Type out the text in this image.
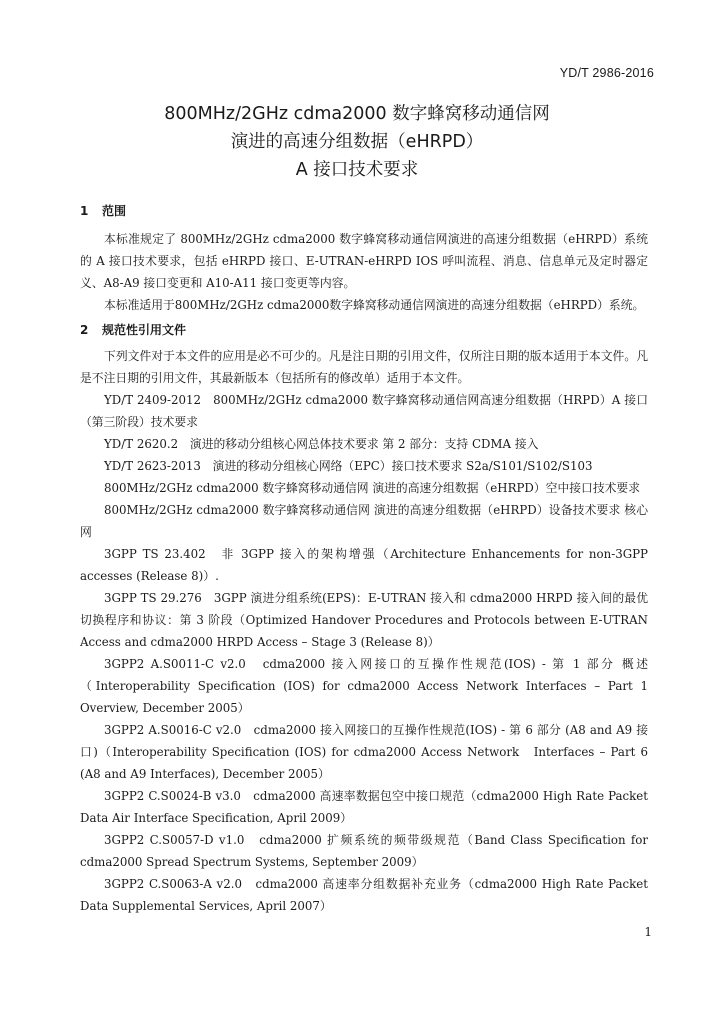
YD/T 2986-2016
800MHz/2GHz cdma2000 数字蜂窝移动通信网
演进的高速分组数据（eHRPD）
A 接口技术要求
1 范围

本标准规定了 800MHz/2GHz cdma2000 数字蜂窝移动通信网演进的高速分组数据（eHRPD）系统的 A 接口技术要求，包括 eHRPD 接口、E-UTRAN-eHRPD IOS 呼叫流程、消息、信息单元及定时器定义、A8-A9 接口变更和 A10-A11 接口变更等内容。

本标准适用于800MHz/2GHz cdma2000数字蜂窝移动通信网演进的高速分组数据（eHRPD）系统。

2 规范性引用文件

下列文件对于本文件的应用是必不可少的。凡是注日期的引用文件，仅所注日期的版本适用于本文件。凡是不注日期的引用文件，其最新版本（包括所有的修改单）适用于本文件。

YD/T 2409-2012　800MHz/2GHz cdma2000 数字蜂窝移动通信网高速分组数据（HRPD）A 接口（第三阶段）技术要求

YD/T 2620.2　演进的移动分组核心网总体技术要求 第 2 部分：支持 CDMA 接入

YD/T 2623-2013　演进的移动分组核心网络（EPC）接口技术要求 S2a/S101/S102/S103

800MHz/2GHz cdma2000 数字蜂窝移动通信网 演进的高速分组数据（eHRPD）空中接口技术要求

800MHz/2GHz cdma2000 数字蜂窝移动通信网 演进的高速分组数据（eHRPD）设备技术要求 核心网

3GPP TS 23.402　非 3GPP 接入的架构增强（Architecture Enhancements for non-3GPP accesses (Release 8)）.

3GPP TS 29.276　3GPP 演进分组系统(EPS)：E-UTRAN 接入和 cdma2000 HRPD 接入间的最优切换程序和协议：第 3 阶段（Optimized Handover Procedures and Protocols between E-UTRAN Access and cdma2000 HRPD Access – Stage 3 (Release 8)）

3GPP2 A.S0011-C v2.0　cdma2000 接入网接口的互操作性规范(IOS) - 第 1 部分 概述（Interoperability Specification (IOS) for cdma2000 Access Network Interfaces – Part 1 Overview, December 2005）

3GPP2 A.S0016-C v2.0　cdma2000 接入网接口的互操作性规范(IOS) - 第 6 部分 (A8 and A9 接口)（Interoperability Specification (IOS) for cdma2000 Access Network　Interfaces – Part 6 (A8 and A9 Interfaces), December 2005）

3GPP2 C.S0024-B v3.0　cdma2000 高速率数据包空中接口规范（cdma2000 High Rate Packet Data Air Interface Specification, April 2009）

3GPP2 C.S0057-D v1.0　cdma2000 扩频系统的频带级规范（Band Class Specification for cdma2000 Spread Spectrum Systems, September 2009）

3GPP2 C.S0063-A v2.0　cdma2000 高速率分组数据补充业务（cdma2000 High Rate Packet Data Supplemental Services, April 2007）

1
